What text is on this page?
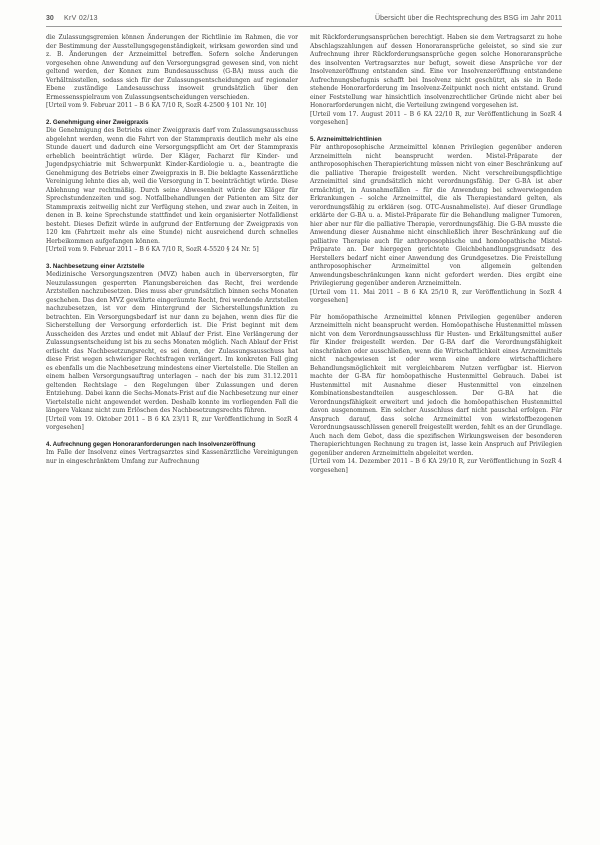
30 KrV 02/13	Übersicht über die Rechtsprechung des BSG im Jahr 2011

die Zulassungsgremien können Änderungen der Richtlinie im Rahmen, die vor der Bestimmung der Ausstellungsgegenständigkeit, wirksam geworden sind und z. B. Änderungen der Arzneimittel betreffen. Sofern solche Änderungen vorgesehen ohne Anwendung auf den Versorgungsgrad gewesen sind, von nicht geltend werden, der Konnex zum Bundesausschuss (G-BA) muss auch die Verhältnisstellen, sodass sich für der Zulassungsentscheidungen auf regionaler Ebene zuständige Landesausschuss insoweit grundsätzlich über den Ermessensspielraum von Zulassungsentscheidungen verschieden.

[Urteil vom 9. Februar 2011 – B 6 KA 7/10 R, SozR 4-2500 § 101 Nr. 10]

2. Genehmigung einer Zweigpraxis

Die Genehmigung des Betriebs einer Zweigpraxis darf vom Zulassungsausschuss abgelehnt werden, wenn die Fahrt von der Stammpraxis deutlich mehr als eine Stunde dauert und dadurch eine Versorgungspflicht am Ort der Stammpraxis erheblich beeinträchtigt würde. Der Kläger, Facharzt für Kinder- und Jugendpsychiatrie mit Schwerpunkt Kinder-Kardiologie u. a., beantragte die Genehmigung des Betriebs einer Zweigpraxis in B. Die beklagte Kassenärztliche Vereinigung lehnte dies ab, weil die Versorgung in T. beeinträchtigt würde. Diese Ablehnung war rechtmäßig. Durch seine Abwesenheit würde der Kläger für Sprechstundenzeiten und sog. Notfallbehandlungen der Patienten am Sitz der Stammpraxis zeitweilig nicht zur Verfügung stehen, und zwar auch in Zeiten, in denen in B. keine Sprechstunde stattfindet und kein organisierter Notfalldienst besteht. Dieses Defizit würde in aufgrund der Entfernung der Zweigpraxis von 120 km (Fahrtzeit mehr als eine Stunde) nicht ausreichend durch schnelles Herbeikommen aufgefangen können.

[Urteil vom 9. Februar 2011 – B 6 KA 7/10 R, SozR 4-5520 § 24 Nr. 5]

3. Nachbesetzung einer Arztstelle

Medizinische Versorgungszentren (MVZ) haben auch in überversorgten, für Neuzulassungen gesperrten Planungsbereichen das Recht, frei werdende Arztstellen nachzubesetzen. Dies muss aber grundsätzlich binnen sechs Monaten geschehen. Das den MVZ gewährte eingeräumte Recht, frei werdende Arztstellen nachzubesetzen, ist vor dem Hintergrund der Sicherstellungsfunktion zu betrachten. Ein Versorgungsbedarf ist nur dann zu bejahen, wenn dies für die Sicherstellung der Versorgung erforderlich ist. Die Frist beginnt mit dem Ausscheiden des Arztes und endet mit Ablauf der Frist. Eine Verlängerung der Zulassungsentscheidung ist bis zu sechs Monaten möglich. Nach Ablauf der Frist erlischt das Nachbesetzungsrecht, es sei denn, der Zulassungsausschuss hat diese Frist wegen schwieriger Rechtsfragen verlängert. Im konkreten Fall ging es ebenfalls um die Nachbesetzung mindestens einer Viertelstelle. Die Stellen an einem halben Versorgungsauftrag unterlagen – nach der bis zum 31.12.2011 geltenden Rechtslage – den Regelungen über Zulassungen und deren Entziehung. Dabei kann die Sechs-Monats-Frist auf die Nachbesetzung nur einer Viertelstelle nicht angewendet werden. Deshalb konnte im vorliegenden Fall die längere Vakanz nicht zum Erlöschen des Nachbesetzungsrechts führen.

[Urteil vom 19. Oktober 2011 – B 6 KA 23/11 R, zur Veröffentlichung in SozR 4 vorgesehen]

4. Aufrechnung gegen Honoraranforderungen nach Insolvenzeröffnung

Im Falle der Insolvenz eines Vertragsarztes sind Kassenärztliche Vereinigungen nur in eingeschränktem Umfang zur Aufrechnung

mit Rückforderungsansprüchen berechtigt. Haben sie dem Vertragsarzt zu hohe Abschlagszahlungen auf dessen Honoraransprüche geleistet, so sind sie zur Aufrechnung ihrer Rückforderungsansprüche gegen solche Honoraransprüche des insolventen Vertragsarztes nur befugt, soweit diese Ansprüche vor der Insolvenzeröffnung entstanden sind. Eine vor Insolvenzeröffnung entstandene Aufrechnungsbefugnis schafft bei Insolvenz nicht geschützt, als sie in Rede stehende Honorarforderung im Insolvenz-Zeitpunkt noch nicht entstand. Grund einer Feststellung war hinsichtlich insolvenzrechtlicher Gründe nicht aber bei Honorarforderungen nicht, die Verteilung zwingend vorgesehen ist.

[Urteil vom 17. August 2011 – B 6 KA 22/10 R, zur Veröffentlichung in SozR 4 vorgesehen]

5. Arzneimittelrichtlinien

Für anthroposophische Arzneimittel können Privilegien gegenüber anderen Arzneimitteln nicht beansprucht werden. Mistel-Präparate der anthroposophischen Therapierichtung müssen nicht von einer Beschränkung auf die palliative Therapie freigestellt werden. Nicht verschreibungspflichtige Arzneimittel sind grundsätzlich nicht verordnungsfähig. Der G-BA ist aber ermächtigt, in Ausnahmefällen – für die Anwendung bei schwerwiegenden Erkrankungen – solche Arzneimittel, die als Therapiestandard gelten, als verordnungsfähig zu erklären (sog. OTC-Ausnahmeliste). Auf dieser Grundlage erklärte der G-BA u. a. Mistel-Präparate für die Behandlung maligner Tumoren, hier aber nur für die palliative Therapie, verordnungsfähig. Die G-BA musste die Anwendung dieser Ausnahme nicht einschließlich ihrer Beschränkung auf die palliative Therapie auch für anthroposophische und homöopathische Mistel-Präparate an. Der hiergegen gerichtete Gleichbehandlungsgrundsatz des Herstellers bedarf nicht einer Anwendung des Grundgesetzes. Die Freistellung anthroposophischer Arzneimittel von allgemein geltenden Anwendungsbeschränkungen kann nicht gefordert werden. Dies ergibt eine Privilegierung gegenüber anderen Arzneimitteln.

[Urteil vom 11. Mai 2011 – B 6 KA 25/10 R, zur Veröffentlichung in SozR 4 vorgesehen]

Für homöopathische Arzneimittel können Privilegien gegenüber anderen Arzneimitteln nicht beansprucht werden. Homöopathische Hustenmittel müssen nicht von dem Verordnungsausschluss für Husten- und Erkältungsmittel außer für Kinder freigestellt werden. Der G-BA darf die Verordnungsfähigkeit einschränken oder ausschließen, wenn die Wirtschaftlichkeit eines Arzneimittels nicht nachgewiesen ist oder wenn eine andere wirtschaftlichere Behandlungsmöglichkeit mit vergleichbarem Nutzen verfügbar ist. Hiervon machte der G-BA für homöopathische Hustenmittel Gebrauch. Dabei ist Hustenmittel mit Ausnahme dieser Hustenmittel von einzelnen Kombinationsbestandteilen ausgeschlossen. Der G-BA hat die Verordnungsfähigkeit erweitert und jedoch die homöopathischen Hustenmittel davon ausgenommen. Ein solcher Ausschluss darf nicht pauschal erfolgen. Für Anspruch darauf, dass solche Arzneimittel von wirkstoffbezogenen Verordnungsausschlüssen generell freigestellt werden, fehlt es an der Grundlage. Auch nach dem Gebot, dass die spezifischen Wirkungsweisen der besonderen Therapierichtungen Rechnung zu tragen ist, lasse kein Anspruch auf Privilegien gegenüber anderen Arzneimitteln abgeleitet werden.

[Urteil vom 14. Dezember 2011 – B 6 KA 29/10 R, zur Veröffentlichung in SozR 4 vorgesehen]
